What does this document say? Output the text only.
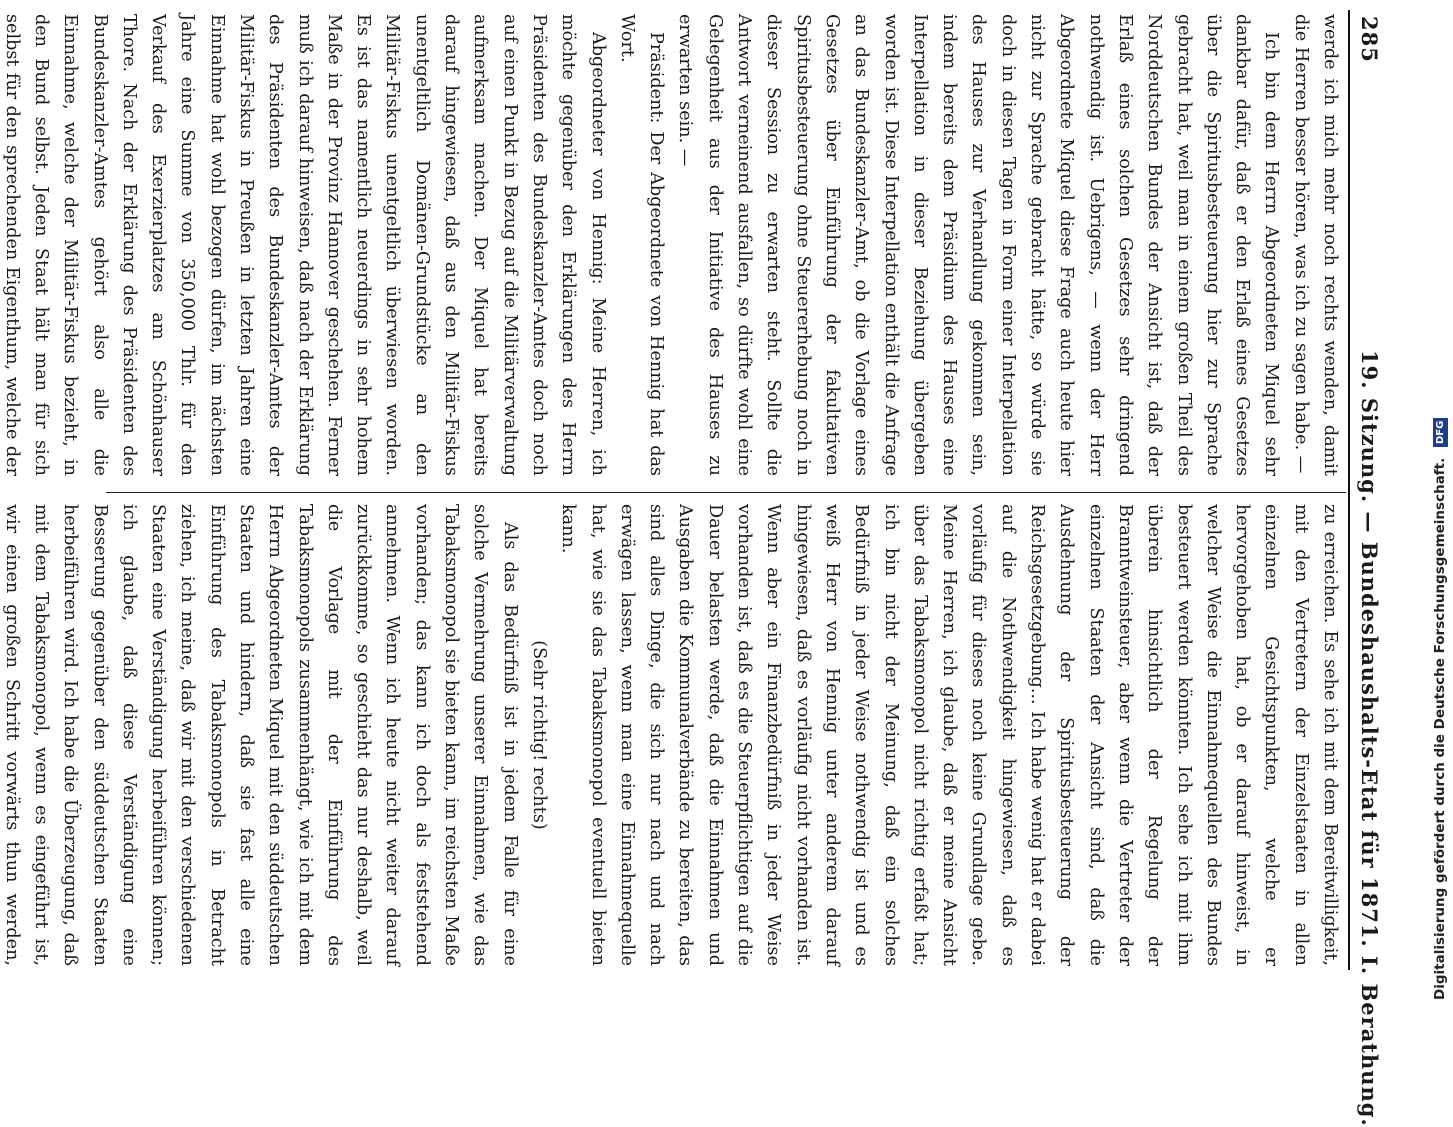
285
19. Sitzung. — Bundeshaushalts-Etat für 1871. I. Berathung.

werde ich mich mehr noch rechts wenden, damit die Herren besser hören, was ich zu sagen habe. —

Ich bin dem Herrn Abgeordneten Miquel sehr dankbar dafür, daß er den Erlaß eines Gesetzes über die Spiritusbesteuerung hier zur Sprache gebracht hat, weil man in einem großen Theil des Norddeutschen Bundes der Ansicht ist, daß der Erlaß eines solchen Gesetzes sehr dringend nothwendig ist. Uebrigens, — wenn der Herr Abgeordnete Miquel diese Frage auch heute hier nicht zur Sprache gebracht hätte, so würde sie doch in diesen Tagen in Form einer Interpellation des Hauses zur Verhandlung gekommen sein, indem bereits dem Präsidium des Hauses eine Interpellation in dieser Beziehung übergeben worden ist. Diese Interpellation enthält die Anfrage an das Bundeskanzler-Amt, ob die Vorlage eines Gesetzes über Einführung der fakultativen Spiritusbesteuerung ohne Steuererhebung noch in dieser Session zu erwarten steht. Sollte die Antwort verneinend ausfallen, so dürfte wohl eine Gelegenheit aus der Initiative des Hauses zu erwarten sein. —

Präsident: Der Abgeordnete von Hennig hat das Wort.

Abgeordneter von Hennig: Meine Herren, ich möchte gegenüber den Erklärungen des Herrn Präsidenten des Bundeskanzler-Amtes doch noch auf einen Punkt in Bezug auf die Militärverwaltung aufmerksam machen. Der Miquel hat bereits darauf hingewiesen, daß aus den Militär-Fiskus unentgeltlich Domänen-Grundstücke an den Militär-Fiskus unentgeltlich überwiesen worden. Es ist das namentlich neuerdings in sehr hohem Maße in der Provinz Hannover geschehen. Ferner muß ich darauf hinweisen, daß nach der Erklärung des Präsidenten des Bundeskanzler-Amtes der Militär-Fiskus in Preußen in letzten Jahren eine Einnahme hat wohl bezogen dürfen, im nächsten Jahre eine Summe von 350,000 Thlr. für den Verkauf des Exerzierplatzes am Schönhauser Thore. Nach der Erklärung des Präsidenten des Bundeskanzler-Amtes gehört also alle die Einnahme, welche der Militär-Fiskus bezieht, in den Bund selbst. Jeden Staat hält man für sich selbst für den sprechenden Eigenthum, welche der

zu erreichen. Es sehe ich mit dem Bereitwilligkeit, mit den Vertretern der Einzelstaaten in allen einzelnen Gesichtspunkten, welche er hervorgehoben hat, ob er darauf hinweist, in welcher Weise die Einnahmequellen des Bundes besteuert werden könnten. Ich sehe ich mit ihm überein hinsichtlich der Regelung der Branntweinsteuer, aber wenn die Vertreter der einzelnen Staaten der Ansicht sind, daß die Ausdehnung der Spiritusbesteuerung der Reichsgesetzgebung... Ich habe wenig hat er dabei auf die Nothwendigkeit hingewiesen, daß es vorläufig für dieses noch keine Grundlage gebe. Meine Herren, ich glaube, daß er meine Ansicht über das Tabaksmonopol nicht richtig erfaßt hat; ich bin nicht der Meinung, daß ein solches Bedürfniß in jeder Weise nothwendig ist und es weiß Herr von Hennig unter anderem darauf hingewiesen, daß es vorläufig nicht vorhanden ist. Wenn aber ein Finanzbedürfniß in jeder Weise vorhanden ist, daß es die Steuerpflichtigen auf die Dauer belasten werde, daß die Einnahmen und Ausgaben die Kommunalverbände zu bereiten, das sind alles Dinge, die sich nur nach und nach erwägen lassen, wenn man eine Einnahmequelle hat, wie sie das Tabaksmonopol eventuell bieten kann.

(Sehr richtig! rechts)

Als das Bedürfniß ist in jedem Falle für eine solche Vermehrung unserer Einnahmen, wie das Tabaksmonopol sie bieten kann, im reichsten Maße vorhanden; das kann ich doch als feststehend annehmen. Wenn ich heute nicht weiter darauf zurückkomme, so geschieht das nur deshalb, weil die Vorlage mit der Einführung des Tabaksmonopols zusammenhängt, wie ich mit dem Herrn Abgeordneten Miquel mit den süddeutschen Staaten und hindern, daß sie fast alle eine Einführung des Tabaksmonopols in Betracht ziehen, ich meine, daß wir mit den verschiedenen Staaten eine Verständigung herbeiführen können; ich glaube, daß diese Verständigung eine Besserung gegenüber den süddeutschen Staaten herbeiführen wird. Ich habe die Überzeugung, daß mit dem Tabaksmonopol, wenn es eingeführt ist, wir einen großen Schritt vorwärts thun werden,	Digitalisierung gefördert durch die Deutsche Forschungsgemeinschaft. DFG
